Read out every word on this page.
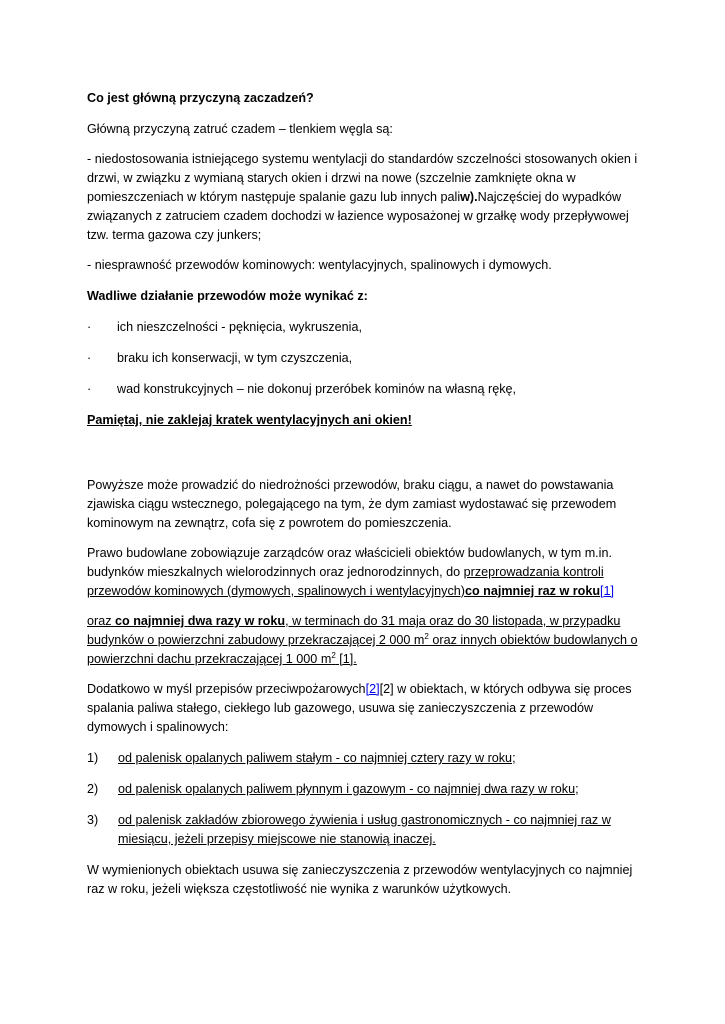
Co jest główną przyczyną zaczadzeń?

Główną przyczyną zatruć czadem – tlenkiem węgla są:

- niedostosowania istniejącego systemu wentylacji do standardów szczelności stosowanych okien i drzwi, w związku z wymianą starych okien i drzwi na nowe (szczelnie zamknięte okna w pomieszczeniach w którym następuje spalanie gazu lub innych paliw).Najczęściej do wypadków związanych z zatruciem czadem dochodzi w łazience wyposażonej w grzałkę wody przepływowej tzw. terma gazowa czy junkers;

- niesprawność przewodów kominowych: wentylacyjnych, spalinowych i dymowych.

Wadliwe działanie przewodów może wynikać z:

· ich nieszczelności - pęknięcia, wykruszenia,
· braku ich konserwacji, w tym czyszczenia,
· wad konstrukcyjnych – nie dokonuj przeróbek kominów na własną rękę,

Pamiętaj, nie zaklejaj kratek wentylacyjnych ani okien!

Powyższe może prowadzić do niedrożności przewodów, braku ciągu, a nawet do powstawania zjawiska ciągu wstecznego, polegającego na tym, że dym zamiast wydostawać się przewodem kominowym na zewnątrz, cofa się z powrotem do pomieszczenia.

Prawo budowlane zobowiązuje zarządców oraz właścicieli obiektów budowlanych, w tym m.in. budynków mieszkalnych wielorodzinnych oraz jednorodzinnych, do przeprowadzania kontroli przewodów kominowych (dymowych, spalinowych i wentylacyjnych)co najmniej raz w roku[1]

oraz co najmniej dwa razy w roku, w terminach do 31 maja oraz do 30 listopada, w przypadku budynków o powierzchni zabudowy przekraczającej 2 000 $m^2$ oraz innych obiektów budowlanych o powierzchni dachu przekraczającej 1 000 $m^2$ [1].

Dodatkowo w myśl przepisów przeciwpożarowych[2][2] w obiektach, w których odbywa się proces spalania paliwa stałego, ciekłego lub gazowego, usuwa się zanieczyszczenia z przewodów dymowych i spalinowych:

1) od palenisk opalanych paliwem stałym - co najmniej cztery razy w roku;
2) od palenisk opalanych paliwem płynnym i gazowym - co najmniej dwa razy w roku;
3) od palenisk zakładów zbiorowego żywienia i usług gastronomicznych - co najmniej raz w miesiącu, jeżeli przepisy miejscowe nie stanowią inaczej.

W wymienionych obiektach usuwa się zanieczyszczenia z przewodów wentylacyjnych co najmniej raz w roku, jeżeli większa częstotliwość nie wynika z warunków użytkowych.
